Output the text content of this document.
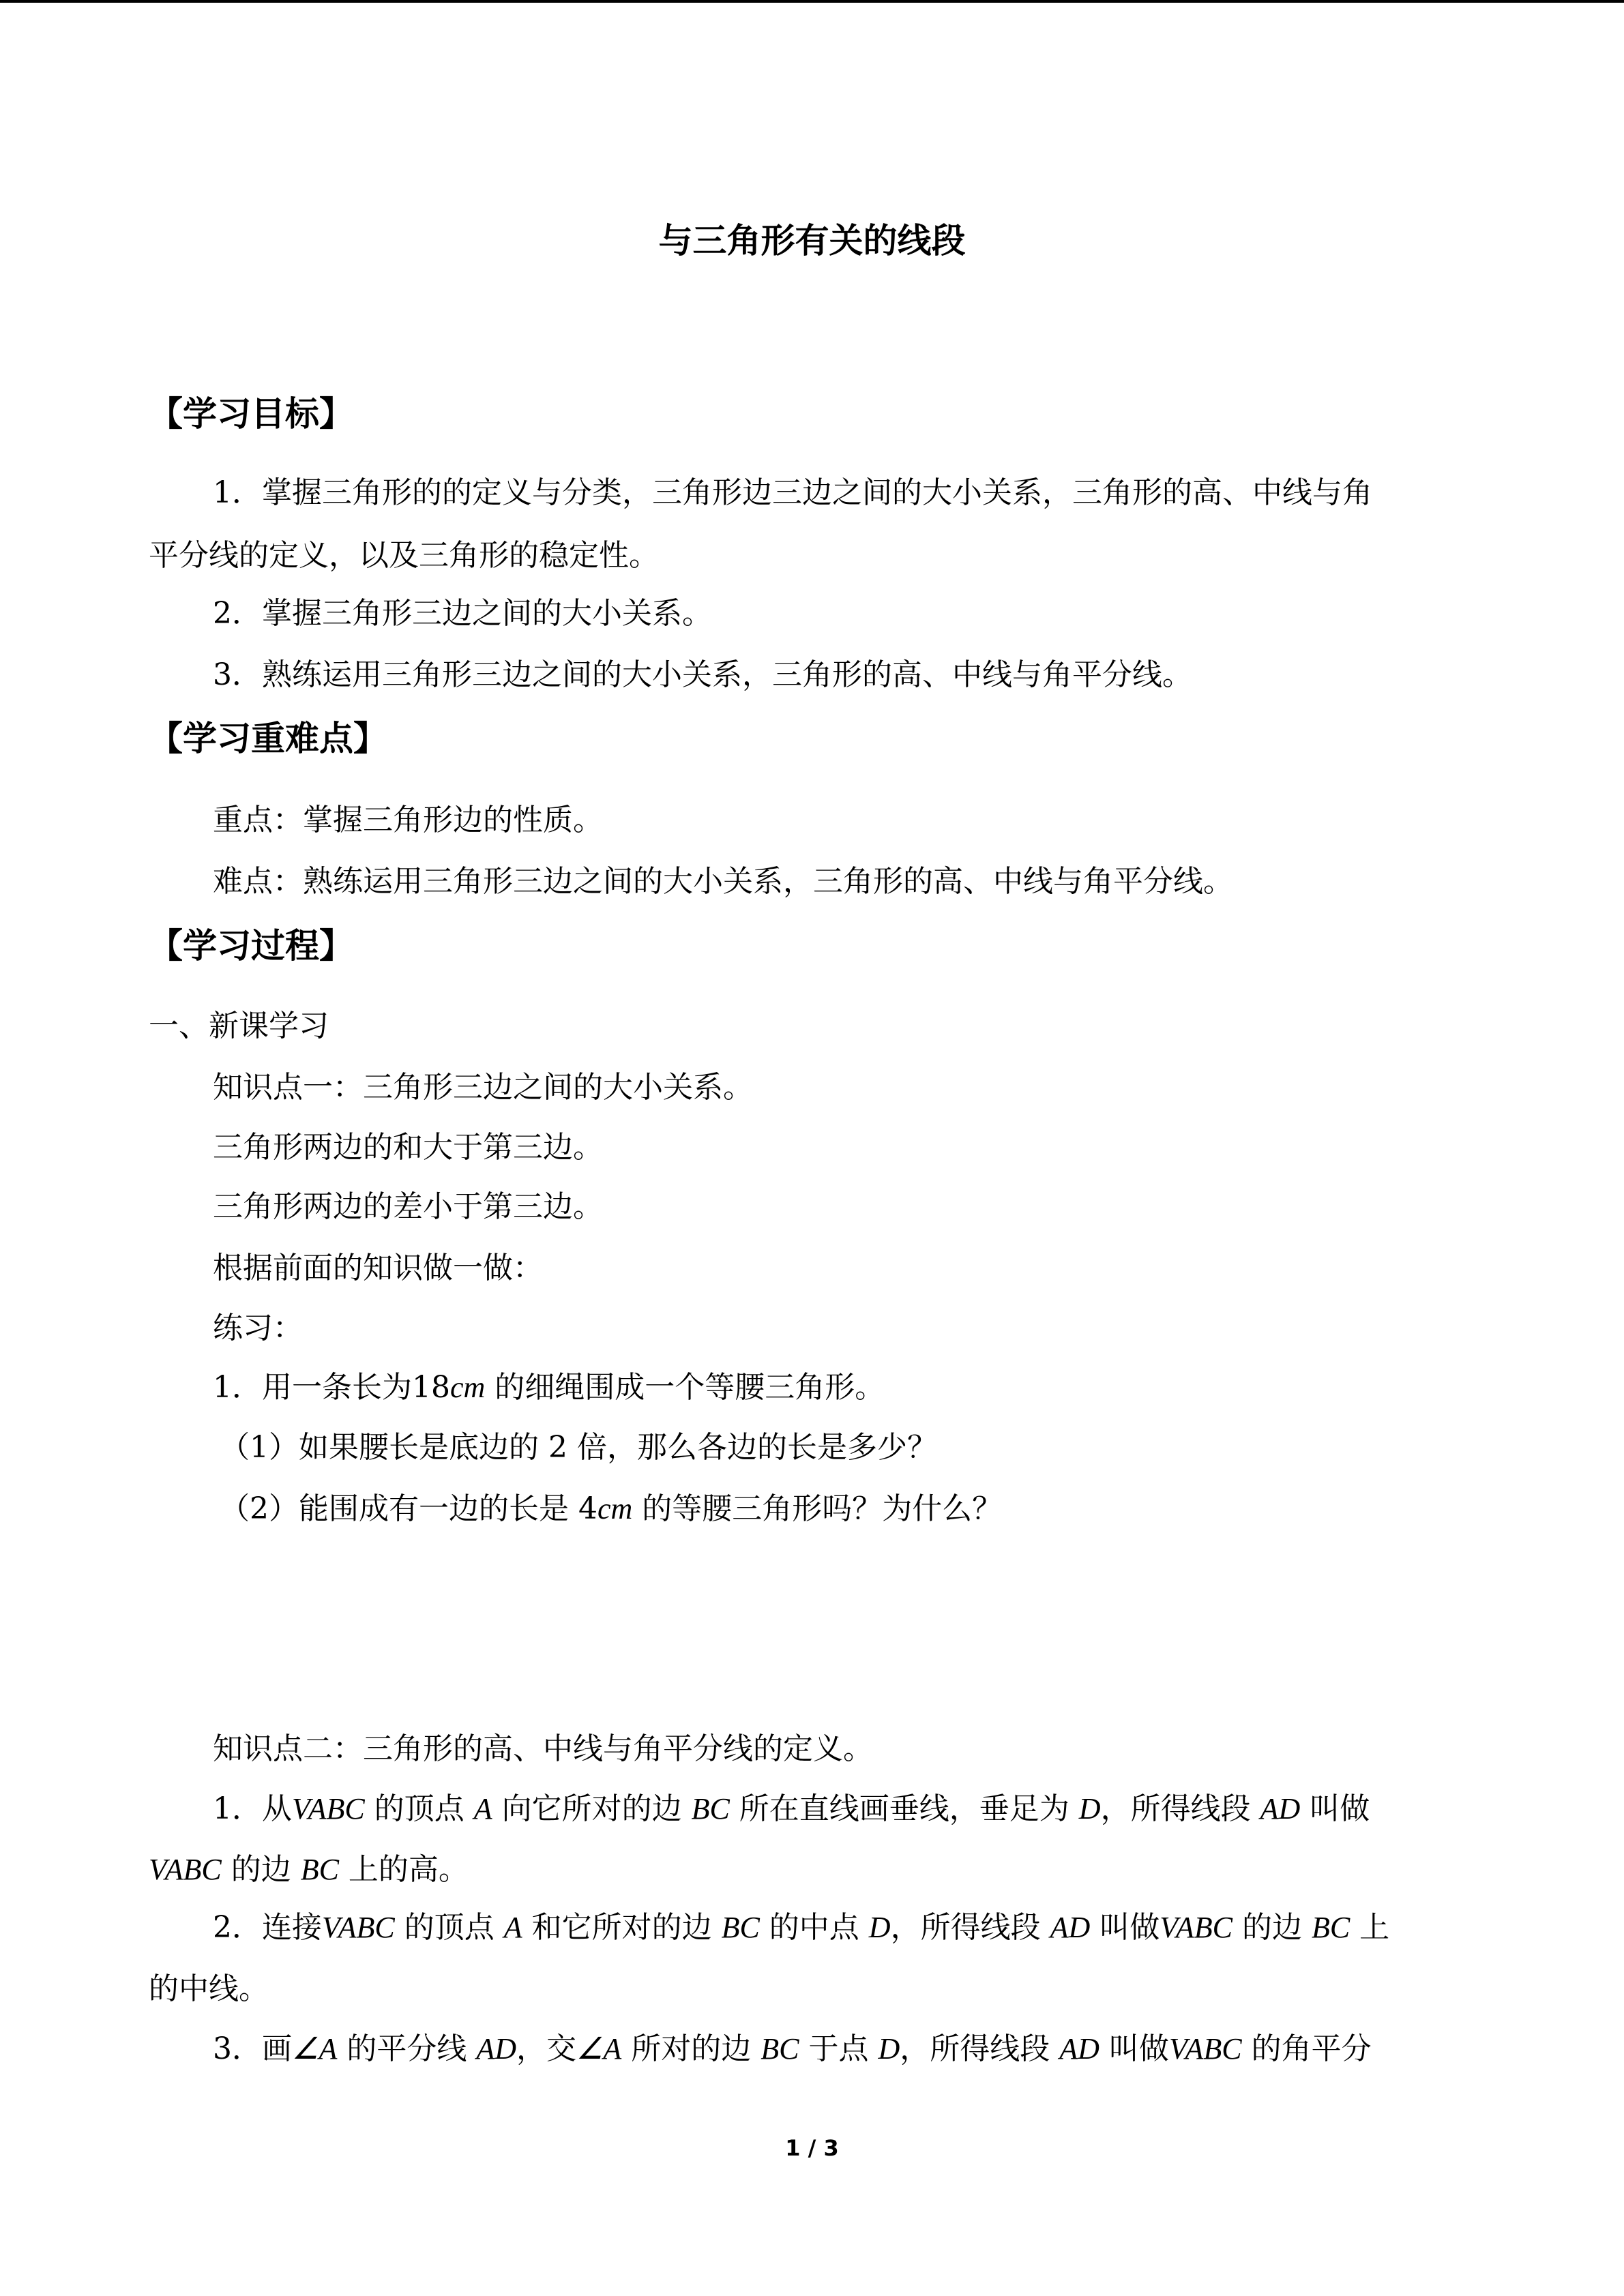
与三角形有关的线段
【学习目标】
1．掌握三角形的的定义与分类，三角形边三边之间的大小关系，三角形的高、中线与角
平分线的定义，以及三角形的稳定性。
2．掌握三角形三边之间的大小关系。
3．熟练运用三角形三边之间的大小关系，三角形的高、中线与角平分线。
【学习重难点】
重点：掌握三角形边的性质。
难点：熟练运用三角形三边之间的大小关系，三角形的高、中线与角平分线。
【学习过程】
一、新课学习
知识点一：三角形三边之间的大小关系。
三角形两边的和大于第三边。
三角形两边的差小于第三边。
根据前面的知识做一做：
练习：
1．用一条长为18cm 的细绳围成一个等腰三角形。
（1）如果腰长是底边的 2 倍，那么各边的长是多少？
（2）能围成有一边的长是 4cm 的等腰三角形吗？为什么？
知识点二：三角形的高、中线与角平分线的定义。
1．从VABC 的顶点 A 向它所对的边 BC 所在直线画垂线，垂足为 D，所得线段 AD 叫做
VABC 的边 BC 上的高。
2．连接VABC 的顶点 A 和它所对的边 BC 的中点 D，所得线段 AD 叫做VABC 的边 BC 上
的中线。
3．画∠A 的平分线 AD，交∠A 所对的边 BC 于点 D，所得线段 AD 叫做VABC 的角平分
1 / 3
